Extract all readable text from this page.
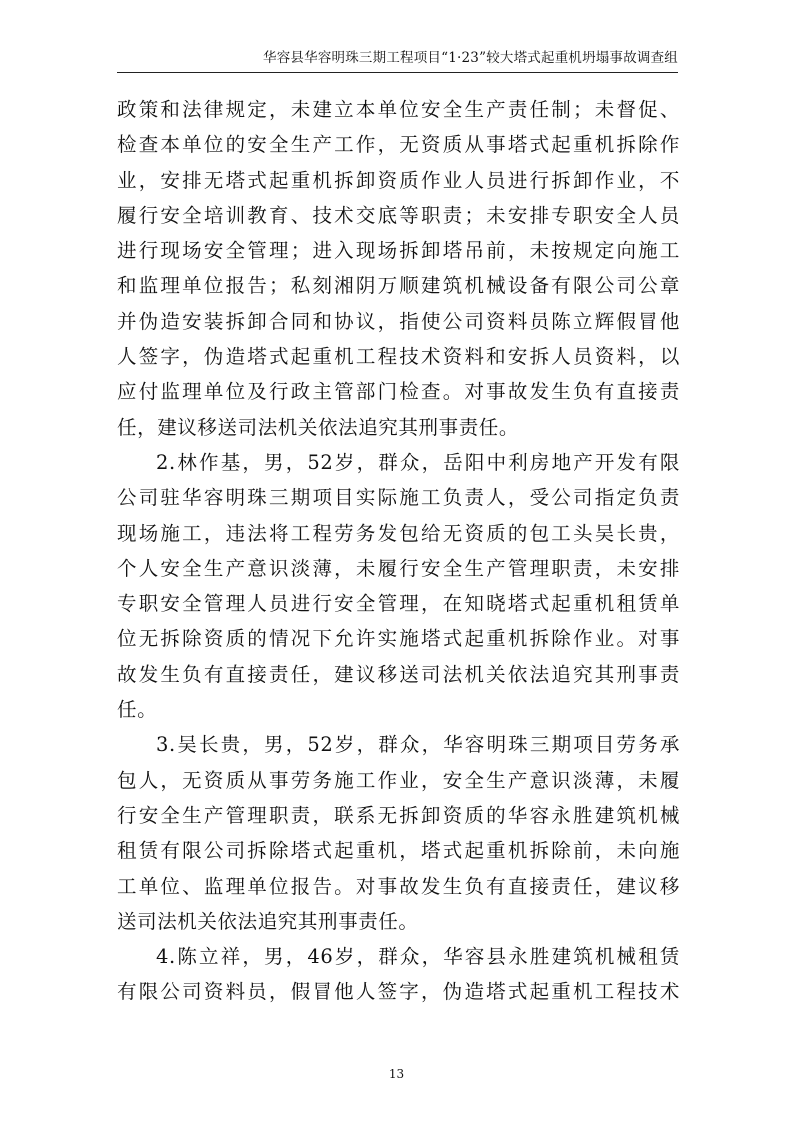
华容县华容明珠三期工程项目“1·23”较大塔式起重机坍塌事故调查组
政策和法律规定，未建立本单位安全生产责任制；未督促、
检查本单位的安全生产工作，无资质从事塔式起重机拆除作
业，安排无塔式起重机拆卸资质作业人员进行拆卸作业，不
履行安全培训教育、技术交底等职责；未安排专职安全人员
进行现场安全管理；进入现场拆卸塔吊前，未按规定向施工
和监理单位报告；私刻湘阴万顺建筑机械设备有限公司公章
并伪造安装拆卸合同和协议，指使公司资料员陈立辉假冒他
人签字，伪造塔式起重机工程技术资料和安拆人员资料，以
应付监理单位及行政主管部门检查。对事故发生负有直接责
任，建议移送司法机关依法追究其刑事责任。
2.林作基，男，52岁，群众，岳阳中利房地产开发有限
公司驻华容明珠三期项目实际施工负责人，受公司指定负责
现场施工，违法将工程劳务发包给无资质的包工头吴长贵，
个人安全生产意识淡薄，未履行安全生产管理职责，未安排
专职安全管理人员进行安全管理，在知晓塔式起重机租赁单
位无拆除资质的情况下允许实施塔式起重机拆除作业。对事
故发生负有直接责任，建议移送司法机关依法追究其刑事责
任。
3.吴长贵，男，52岁，群众，华容明珠三期项目劳务承
包人，无资质从事劳务施工作业，安全生产意识淡薄，未履
行安全生产管理职责，联系无拆卸资质的华容永胜建筑机械
租赁有限公司拆除塔式起重机，塔式起重机拆除前，未向施
工单位、监理单位报告。对事故发生负有直接责任，建议移
送司法机关依法追究其刑事责任。
4.陈立祥，男，46岁，群众，华容县永胜建筑机械租赁
有限公司资料员，假冒他人签字，伪造塔式起重机工程技术
13
